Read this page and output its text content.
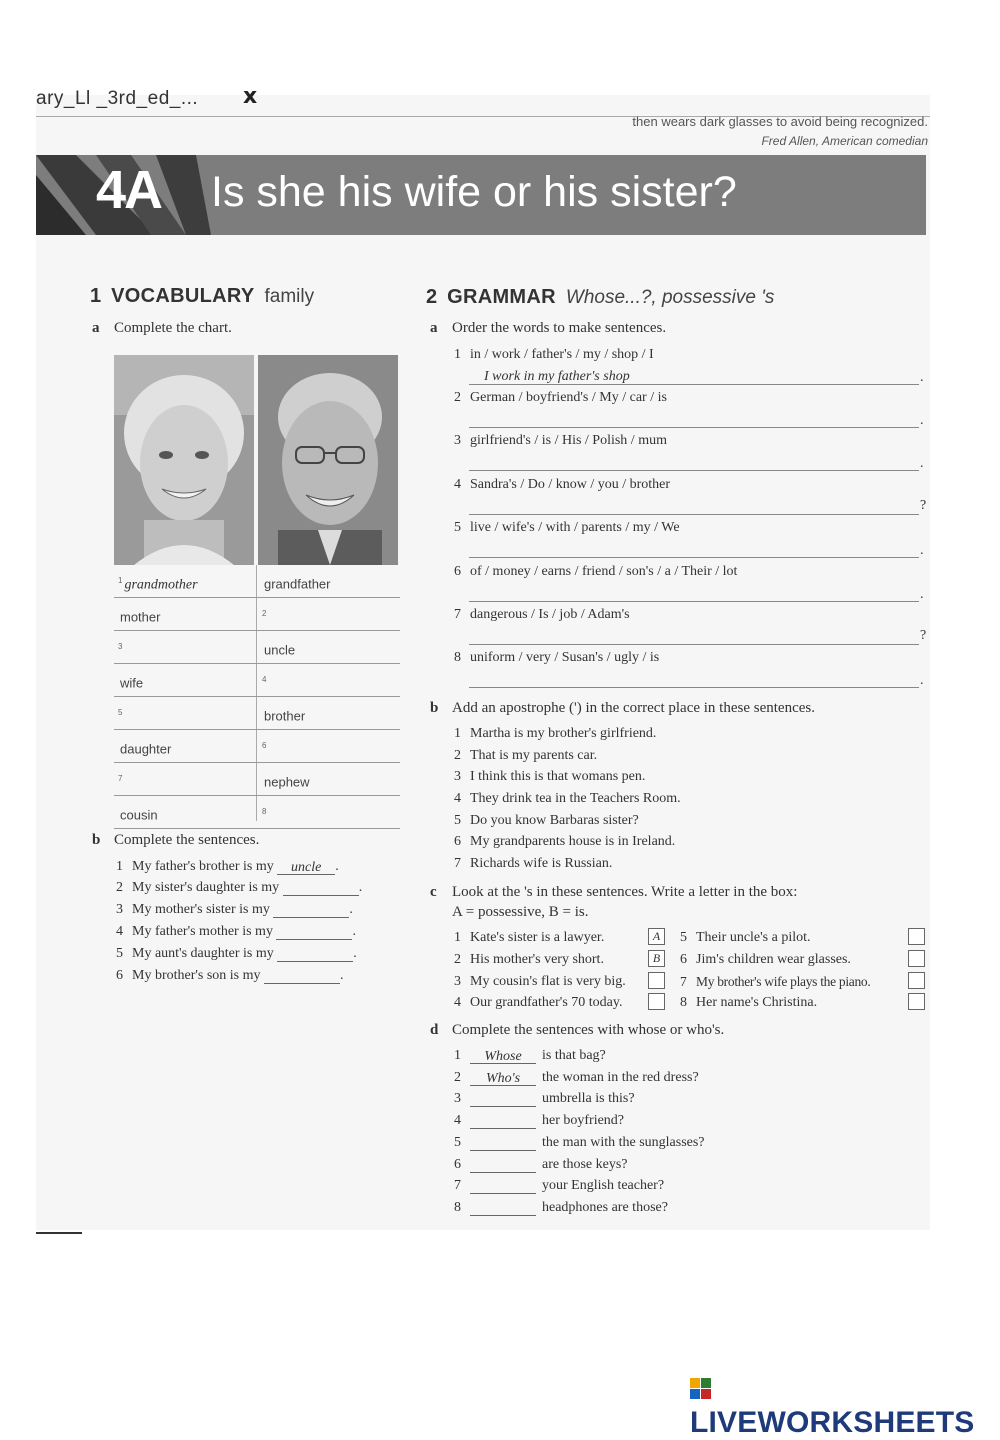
ary_Ll _3rd_ed_... x
then wears dark glasses to avoid being recognized.
Fred Allen, American comedian
4A Is she his wife or his sister?
1 VOCABULARY family
a Complete the chart.
$^1$ grandmother	grandfather
mother	$^2$
$^3$	uncle
wife	$^4$
$^5$	brother
daughter	$^6$
$^7$	nephew
cousin	$^8$
b Complete the sentences.
1 My father's brother is my uncle .
2 My sister's daughter is my	.
3 My mother's sister is my	.
4 My father's mother is my	.
5 My aunt's daughter is my	.
6 My brother's son is my	.
2 GRAMMAR Whose...?, possessive 's
a Order the words to make sentences.
1 in / work / father's / my / shop / I
I work in my father's shop	.
2 German / boyfriend's / My / car / is
.
3 girlfriend's / is / His / Polish / mum
.
4 Sandra's / Do / know / you / brother
?
5 live / wife's / with / parents / my / We
.
6 of / money / earns / friend / son's / a / Their / lot
.
7 dangerous / Is / job / Adam's
?
8 uniform / very / Susan's / ugly / is
.
b Add an apostrophe (') in the correct place in these sentences.
1 Martha is my brother's girlfriend.
2 That is my parents car.
3 I think this is that womans pen.
4 They drink tea in the Teachers Room.
5 Do you know Barbaras sister?
6 My grandparents house is in Ireland.
7 Richards wife is Russian.
c Look at the 's in these sentences. Write a letter in the box:
A = possessive, B = is.
1 Kate's sister is a lawyer.	A
2 His mother's very short.	B
3 My cousin's flat is very big.
4 Our grandfather's 70 today.
5 Their uncle's a pilot.
6 Jim's children wear glasses.
7 My brother's wife plays the piano.
8 Her name's Christina.
d Complete the sentences with whose or who's.
1 Whose is that bag?
2 Who's the woman in the red dress?
3	umbrella is this?
4	her boyfriend?
5	the man with the sunglasses?
6	are those keys?
7	your English teacher?
8	headphones are those?
LIVEWORKSHEETS
